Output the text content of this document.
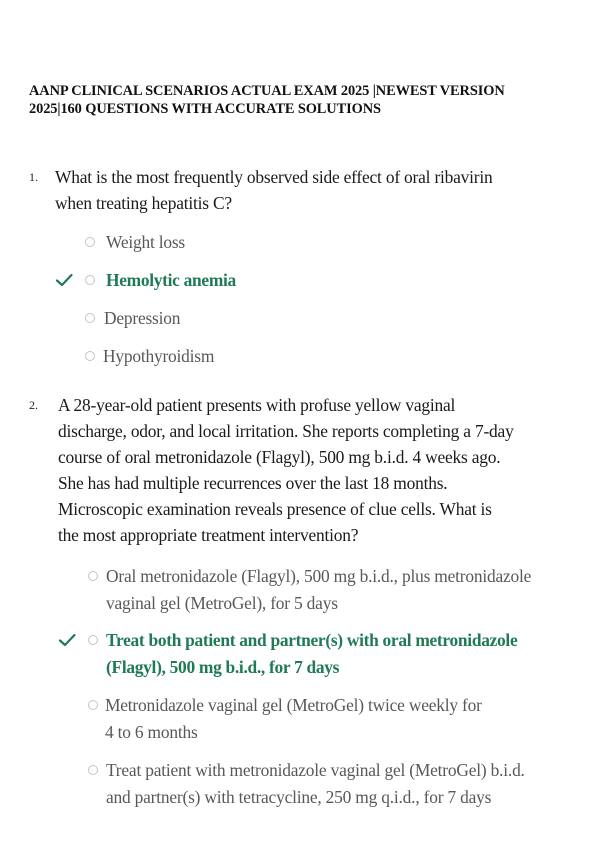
AANP CLINICAL SCENARIOS ACTUAL EXAM 2025 |NEWEST VERSION
2025|160 QUESTIONS WITH ACCURATE SOLUTIONS
1. What is the most frequently observed side effect of oral ribavirin
when treating hepatitis C?
Weight loss
Hemolytic anemia
Depression
Hypothyroidism
2. A 28-year-old patient presents with profuse yellow vaginal
discharge, odor, and local irritation. She reports completing a 7-day
course of oral metronidazole (Flagyl), 500 mg b.i.d. 4 weeks ago.
She has had multiple recurrences over the last 18 months.
Microscopic examination reveals presence of clue cells. What is
the most appropriate treatment intervention?
Oral metronidazole (Flagyl), 500 mg b.i.d., plus metronidazole
vaginal gel (MetroGel), for 5 days
Treat both patient and partner(s) with oral metronidazole
(Flagyl), 500 mg b.i.d., for 7 days
Metronidazole vaginal gel (MetroGel) twice weekly for
4 to 6 months
Treat patient with metronidazole vaginal gel (MetroGel) b.i.d.
and partner(s) with tetracycline, 250 mg q.i.d., for 7 days
